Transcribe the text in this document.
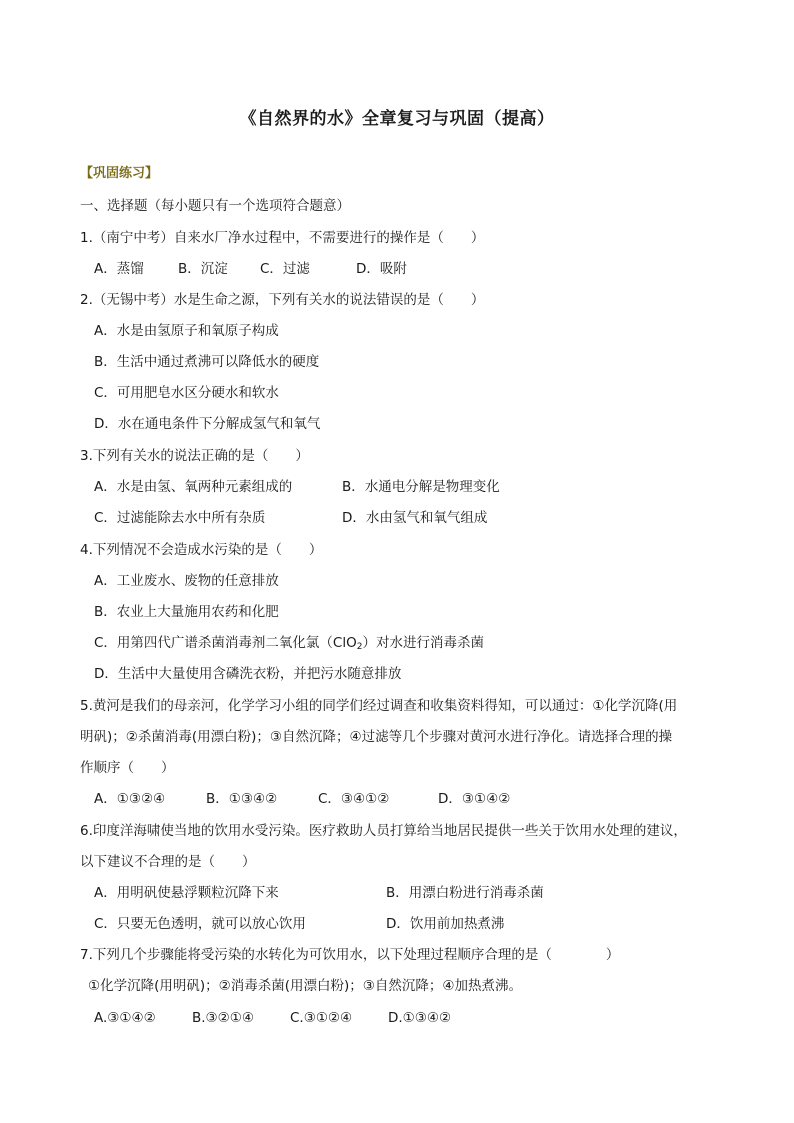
《自然界的水》全章复习与巩固（提高）
【巩固练习】
一、选择题（每小题只有一个选项符合题意）
1.（南宁中考）自来水厂净水过程中，不需要进行的操作是（　　）
A．蒸馏	B．沉淀 C．过滤	D．吸附
2.（无锡中考）水是生命之源，下列有关水的说法错误的是（　　）
A．水是由氢原子和氧原子构成
B．生活中通过煮沸可以降低水的硬度
C．可用肥皂水区分硬水和软水
D．水在通电条件下分解成氢气和氧气
3.下列有关水的说法正确的是（　　）
A．水是由氢、氧两种元素组成的	B．水通电分解是物理变化
C．过滤能除去水中所有杂质	D．水由氢气和氧气组成
4.下列情况不会造成水污染的是（　　）
A．工业废水、废物的任意排放
B．农业上大量施用农药和化肥
C．用第四代广谱杀菌消毒剂二氧化氯（ClO$_2$）对水进行消毒杀菌
D．生活中大量使用含磷洗衣粉，并把污水随意排放
5.黄河是我们的母亲河，化学学习小组的同学们经过调查和收集资料得知，可以通过：①化学沉降(用
明矾)；②杀菌消毒(用漂白粉)；③自然沉降；④过滤等几个步骤对黄河水进行净化。请选择合理的操
作顺序（　　）
A．①③②④	B．①③④②	C．③④①②	D．③①④②
6.印度洋海啸使当地的饮用水受污染。医疗救助人员打算给当地居民提供一些关于饮用水处理的建议，
以下建议不合理的是（　　）
A．用明矾使悬浮颗粒沉降下来	B．用漂白粉进行消毒杀菌
C．只要无色透明，就可以放心饮用	D．饮用前加热煮沸
7.下列几个步骤能将受污染的水转化为可饮用水，以下处理过程顺序合理的是（　　　　）
①化学沉降(用明矾)；②消毒杀菌(用漂白粉)；③自然沉降；④加热煮沸。
A.③①④②	B.③②①④	C.③①②④	D.①③④②
